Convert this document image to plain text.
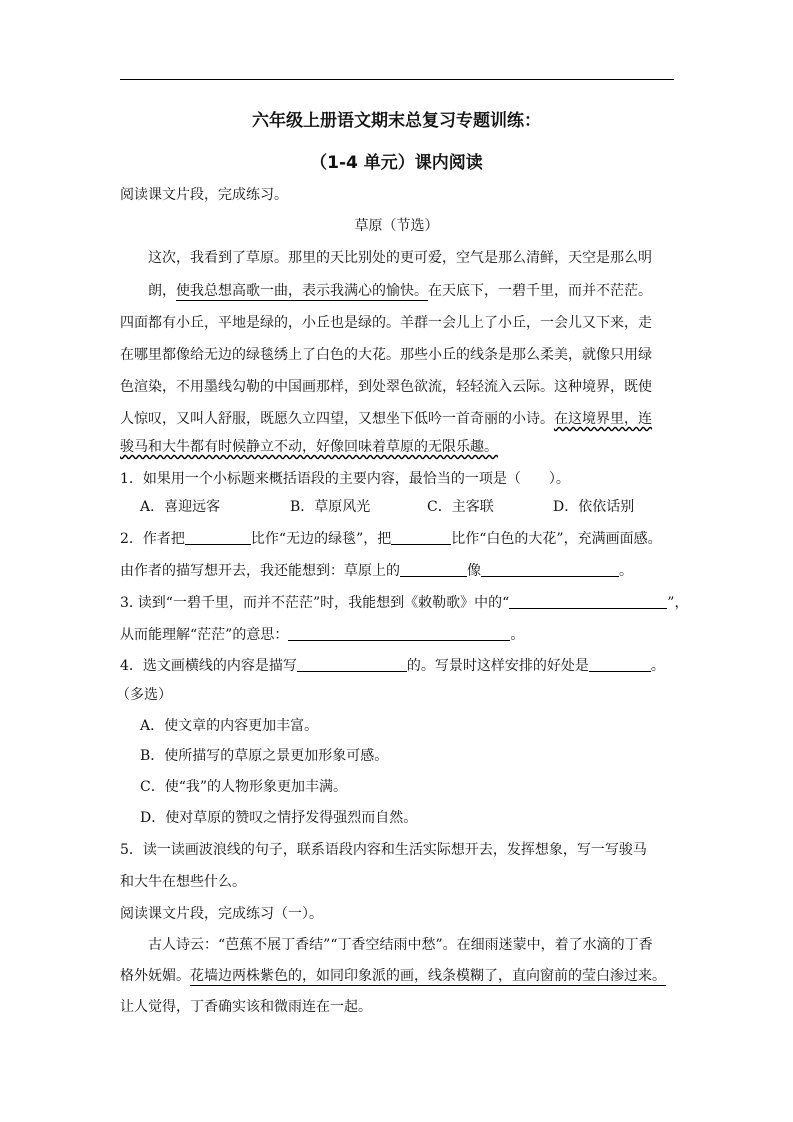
六年级上册语文期末总复习专题训练：
（1-4 单元）课内阅读
阅读课文片段，完成练习。
草原（节选）
这次，我看到了草原。那里的天比别处的更可爱，空气是那么清鲜，天空是那么明
朗，使我总想高歌一曲，表示我满心的愉快。在天底下，一碧千里，而并不茫茫。
四面都有小丘，平地是绿的，小丘也是绿的。羊群一会儿上了小丘，一会儿又下来，走
在哪里都像给无边的绿毯绣上了白色的大花。那些小丘的线条是那么柔美，就像只用绿
色渲染，不用墨线勾勒的中国画那样，到处翠色欲流，轻轻流入云际。这种境界，既使
人惊叹，又叫人舒服，既愿久立四望，又想坐下低吟一首奇丽的小诗。在这境界里，连
骏马和大牛都有时候静立不动，好像回味着草原的无限乐趣。
1．如果用一个小标题来概括语段的主要内容，最恰当的一项是（　　）。
A．喜迎远客	B．草原风光	C．主客联	D．依依话别
2．作者把	比作“无边的绿毯”，把	比作“白色的大花”，充满画面感。
由作者的描写想开去，我还能想到：草原上的	像	。
3. 读到“一碧千里，而并不茫茫”时，我能想到《敕勒歌》中的“	”，
从而能理解“茫茫”的意思：	。
4．选文画横线的内容是描写	的。写景时这样安排的好处是	。
（多选）
A．使文章的内容更加丰富。
B．使所描写的草原之景更加形象可感。
C．使“我”的人物形象更加丰满。
D．使对草原的赞叹之情抒发得强烈而自然。
5．读一读画波浪线的句子，联系语段内容和生活实际想开去，发挥想象，写一写骏马
和大牛在想些什么。
阅读课文片段，完成练习（一）。
古人诗云：“芭蕉不展丁香结”“丁香空结雨中愁”。在细雨迷蒙中，着了水滴的丁香
格外妩媚。花墙边两株紫色的，如同印象派的画，线条模糊了，直向窗前的莹白渗过来。
让人觉得，丁香确实该和微雨连在一起。
